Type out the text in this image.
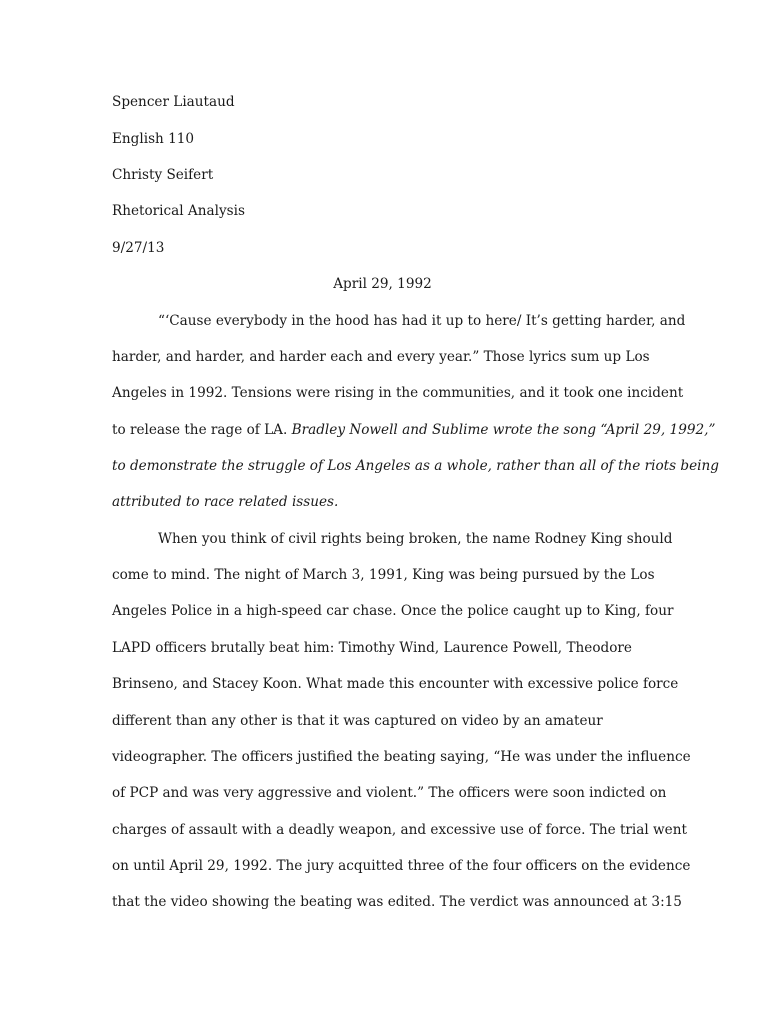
Spencer Liautaud
English 110
Christy Seifert
Rhetorical Analysis
9/27/13
April 29, 1992
“‘Cause everybody in the hood has had it up to here/ It’s getting harder, and
harder, and harder, and harder each and every year.” Those lyrics sum up Los
Angeles in 1992. Tensions were rising in the communities, and it took one incident
to release the rage of LA. Bradley Nowell and Sublime wrote the song “April 29, 1992,”
to demonstrate the struggle of Los Angeles as a whole, rather than all of the riots being
attributed to race related issues.
When you think of civil rights being broken, the name Rodney King should
come to mind. The night of March 3, 1991, King was being pursued by the Los
Angeles Police in a high-speed car chase. Once the police caught up to King, four
LAPD officers brutally beat him: Timothy Wind, Laurence Powell, Theodore
Brinseno, and Stacey Koon. What made this encounter with excessive police force
different than any other is that it was captured on video by an amateur
videographer. The officers justified the beating saying, “He was under the influence
of PCP and was very aggressive and violent.” The officers were soon indicted on
charges of assault with a deadly weapon, and excessive use of force. The trial went
on until April 29, 1992. The jury acquitted three of the four officers on the evidence
that the video showing the beating was edited. The verdict was announced at 3:15
